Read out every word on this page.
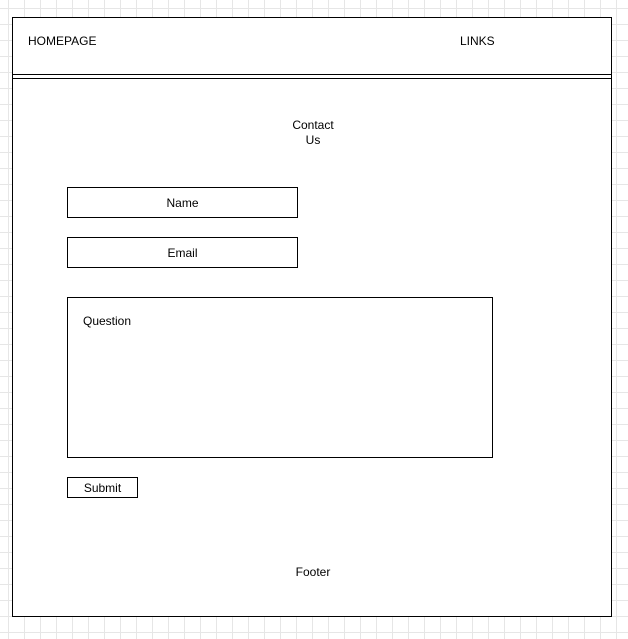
HOMEPAGE	LINKS
Contact
Us
Name
Email
Question
Submit
Footer
